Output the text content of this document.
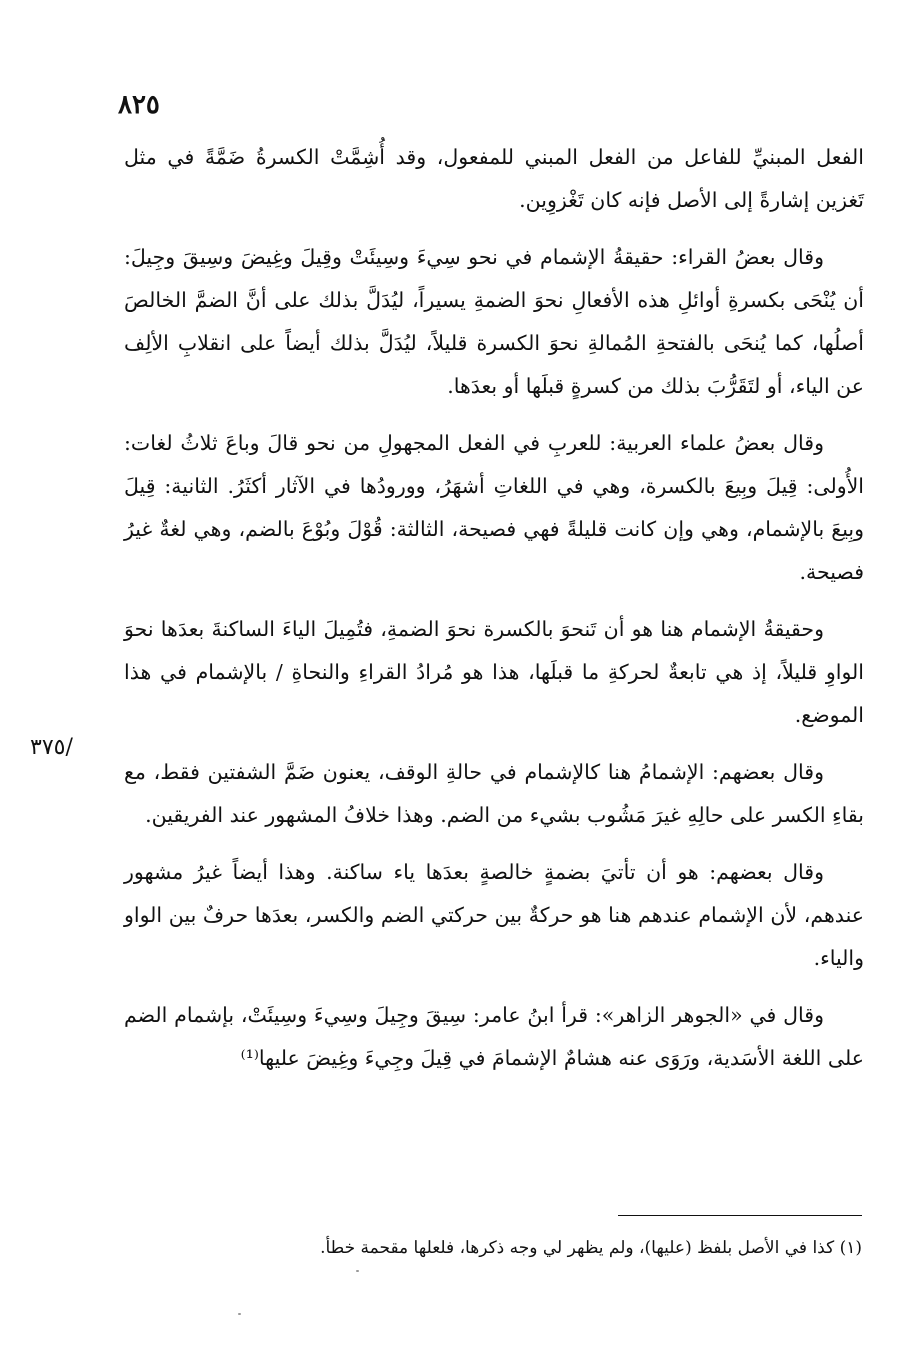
٨٢٥

الفعل المبنيِّ للفاعل من الفعل المبني للمفعول، وقد أُشِمَّتْ الكسرةُ ضَمَّةً في مثل تَغزين إشارةً إلى الأصل فإنه كان تَغْزوِين.

وقال بعضُ القراء: حقيقةُ الإشمام في نحو سِيءَ وسِيئَتْ وقِيلَ وغِيضَ وسِيقَ وجِيلَ: أن يُنْحَى بكسرةِ أوائلِ هذه الأفعالِ نحوَ الضمةِ يسيراً، ليُدَلَّ بذلك على أنَّ الضمَّ الخالصَ أصلُها، كما يُنحَى بالفتحةِ المُمالةِ نحوَ الكسرة قليلاً، ليُدَلَّ بذلك أيضاً على انقلابِ الألِف عن الياء، أو لتَقَرُّبَ بذلك من كسرةٍ قبلَها أو بعدَها.

وقال بعضُ علماء العربية: للعربِ في الفعل المجهولِ من نحو قالَ وباعَ ثلاثُ لغات: الأُولى: قِيلَ وبِيعَ بالكسرة، وهي في اللغاتِ أشهَرُ، وورودُها في الآثار أكثَرُ. الثانية: قِيلَ وبِيعَ بالإشمام، وهي وإن كانت قليلةً فهي فصيحة، الثالثة: قُوْلَ وبُوْعَ بالضم، وهي لغةٌ غيرُ فصيحة.

وحقيقةُ الإشمام هنا هو أن تَنحوَ بالكسرة نحوَ الضمةِ، فتُمِيلَ الياءَ الساكنةَ بعدَها نحوَ الواوِ قليلاً، إذ هي تابعةٌ لحركةِ ما قبلَها، هذا هو مُرادُ القراءِ والنحاةِ / بالإشمام في هذا الموضع.

وقال بعضهم: الإشمامُ هنا كالإشمام في حالةِ الوقف، يعنون ضَمَّ الشفتين فقط، مع بقاءِ الكسر على حالِهِ غيرَ مَشُوب بشيء من الضم. وهذا خلافُ المشهور عند الفريقين.

وقال بعضهم: هو أن تأتيَ بضمةٍ خالصةٍ بعدَها ياء ساكنة. وهذا أيضاً غيرُ مشهور عندهم، لأن الإشمام عندهم هنا هو حركةٌ بين حركتي الضم والكسر، بعدَها حرفٌ بين الواو والياء.

وقال في «الجوهر الزاهر»: قرأ ابنُ عامر: سِيقَ وجِيلَ وسِيءَ وسِيئَتْ، بإشمام الضم على اللغة الأسَدية، ورَوَى عنه هشامٌ الإشمامَ في قِيلَ وجِيءَ وغِيضَ عليها⁽¹⁾

/٣٧٥
(١) كذا في الأصل بلفظ (عليها)، ولم يظهر لي وجه ذكرها، فلعلها مقحمة خطأ.
